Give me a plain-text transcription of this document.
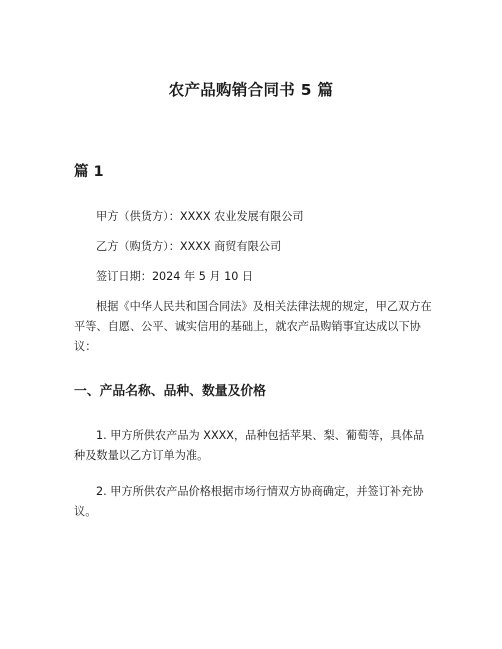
农产品购销合同书 5 篇
篇 1

甲方（供货方）：XXXX 农业发展有限公司

乙方（购货方）：XXXX 商贸有限公司

签订日期：2024 年 5 月 10 日

根据《中华人民共和国合同法》及相关法律法规的规定，甲乙双方在平等、自愿、公平、诚实信用的基础上，就农产品购销事宜达成以下协议：

一、产品名称、品种、数量及价格

1. 甲方所供农产品为 XXXX，品种包括苹果、梨、葡萄等，具体品种及数量以乙方订单为准。

2. 甲方所供农产品价格根据市场行情双方协商确定，并签订补充协议。
